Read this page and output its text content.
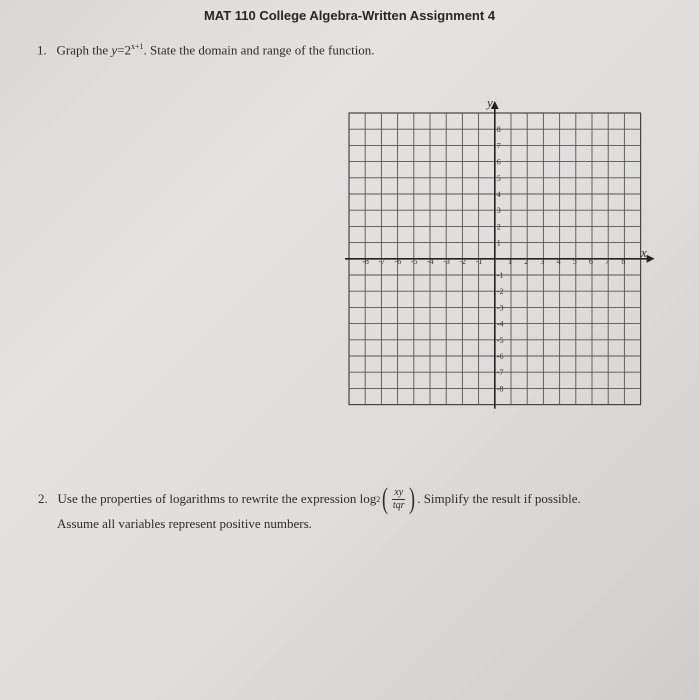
MAT 110 College Algebra-Written Assignment 4
1. Graph the $y=2^{x+1}$. State the domain and range of the function.
-8 -7 -6 -5 -4 -3 -2 -1	1 2 3 4 5 6 7 8
1
2
3
4
5
6
7
8
-1
-2
-3
-4
-5
-6
-7
-8
x
y
2.
Use the properties of logarithms to rewrite the expression
log 2 ( $\frac{xy}{\text{tqr}}$ ) . Simplify the result if possible.
Assume all variables represent positive numbers.
